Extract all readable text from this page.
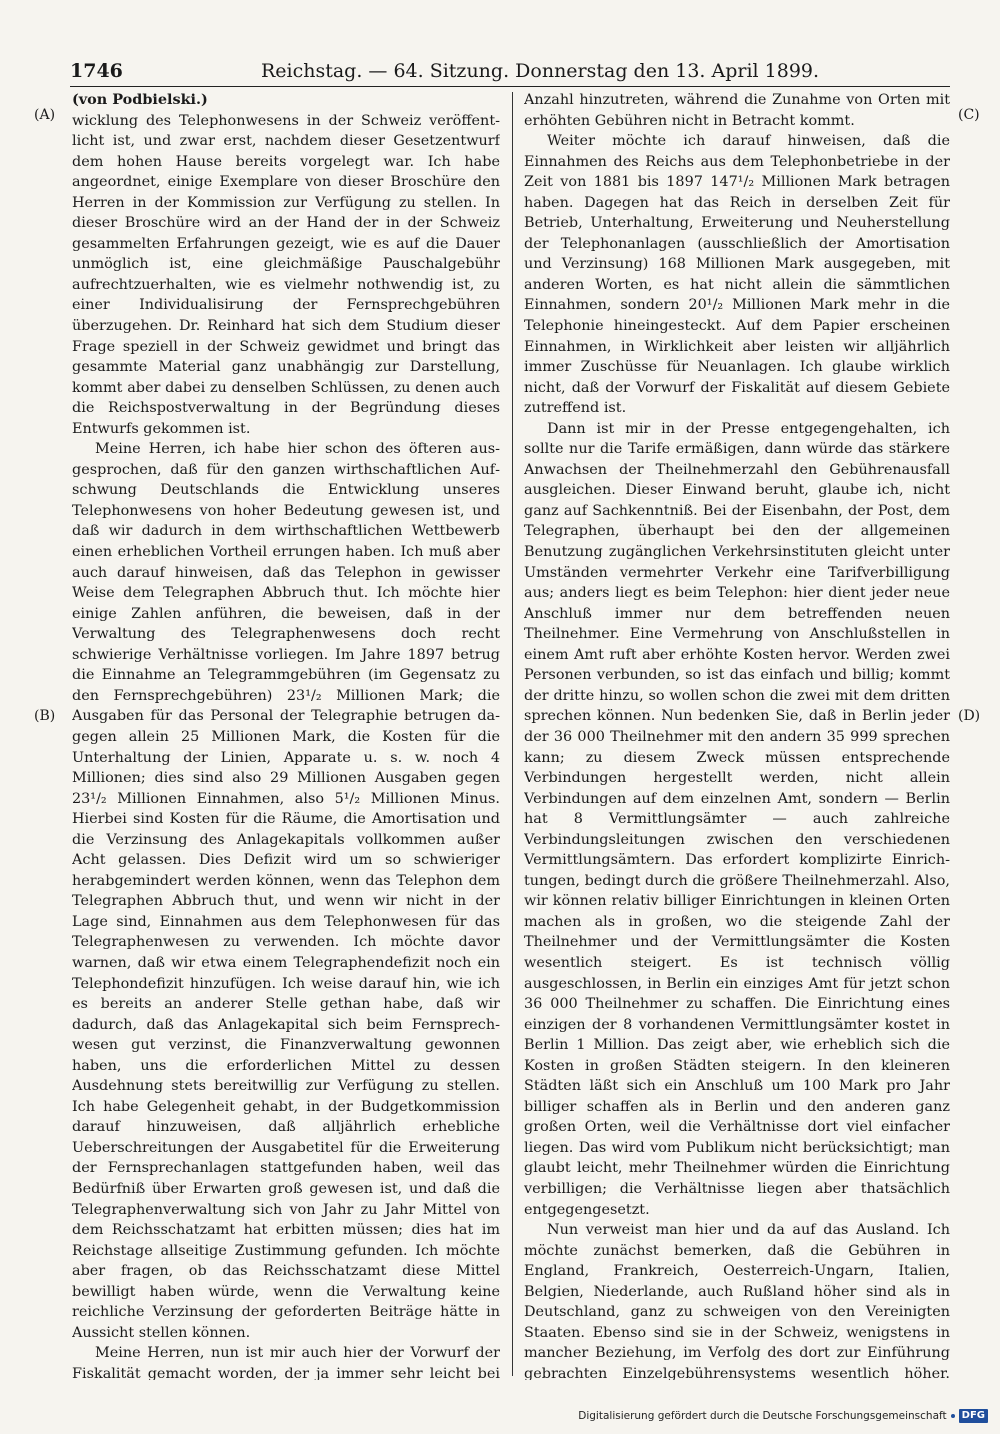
1746	Reichstag. — 64. Sitzung. Donnerstag den 13. April 1899.
(A)
(B)
(C)
(D)

(von Podbielski.)

wicklung des Telephonwesens in der Schweiz veröffentlicht ist, und zwar erst, nachdem dieser Gesetzentwurf dem hohen Hause bereits vorgelegt war. Ich habe angeordnet, einige Exemplare von dieser Broschüre den Herren in der Kommission zur Verfügung zu stellen. In dieser Broschüre wird an der Hand der in der Schweiz gesammelten Erfahrungen gezeigt, wie es auf die Dauer unmöglich ist, eine gleichmäßige Pauschalgebühr aufrechtzuerhalten, wie es vielmehr nothwendig ist, zu einer Individualisirung der Fernsprechgebühren überzugehen. Dr. Reinhard hat sich dem Studium dieser Frage speziell in der Schweiz gewidmet und bringt das gesammte Material ganz unabhängig zur Darstellung, kommt aber dabei zu denselben Schlüssen, zu denen auch die Reichspostverwaltung in der Begründung dieses Entwurfs gekommen ist.

Meine Herren, ich habe hier schon des öfteren ausgesprochen, daß für den ganzen wirthschaftlichen Aufschwung Deutschlands die Entwicklung unseres Telephonwesens von hoher Bedeutung gewesen ist, und daß wir dadurch in dem wirthschaftlichen Wettbewerb einen erheblichen Vortheil errungen haben. Ich muß aber auch darauf hinweisen, daß das Telephon in gewisser Weise dem Telegraphen Abbruch thut. Ich möchte hier einige Zahlen anführen, die beweisen, daß in der Verwaltung des Telegraphenwesens doch recht schwierige Verhältnisse vorliegen. Im Jahre 1897 betrug die Einnahme an Telegrammgebühren (im Gegensatz zu den Fernsprechgebühren) 23¹/₂ Millionen Mark; die Ausgaben für das Personal der Telegraphie betrugen dagegen allein 25 Millionen Mark, die Kosten für die Unterhaltung der Linien, Apparate u. s. w. noch 4 Millionen; dies sind also 29 Millionen Ausgaben gegen 23¹/₂ Millionen Einnahmen, also 5¹/₂ Millionen Minus. Hierbei sind Kosten für die Räume, die Amortisation und die Verzinsung des Anlagekapitals vollkommen außer Acht gelassen. Dies Defizit wird um so schwieriger herabgemindert werden können, wenn das Telephon dem Telegraphen Abbruch thut, und wenn wir nicht in der Lage sind, Einnahmen aus dem Telephonwesen für das Telegraphenwesen zu verwenden. Ich möchte davor warnen, daß wir etwa einem Telegraphendefizit noch ein Telephondefizit hinzufügen. Ich weise darauf hin, wie ich es bereits an anderer Stelle gethan habe, daß wir dadurch, daß das Anlagekapital sich beim Fernsprechwesen gut verzinst, die Finanzverwaltung gewonnen haben, uns die erforderlichen Mittel zu dessen Ausdehnung stets bereitwillig zur Verfügung zu stellen. Ich habe Gelegenheit gehabt, in der Budgetkommission darauf hinzuweisen, daß alljährlich erhebliche Ueberschreitungen der Ausgabetitel für die Erweiterung der Fernsprechanlagen stattgefunden haben, weil das Bedürfniß über Erwarten groß gewesen ist, und daß die Telegraphenverwaltung sich von Jahr zu Jahr Mittel von dem Reichsschatzamt hat erbitten müssen; dies hat im Reichstage allseitige Zustimmung gefunden. Ich möchte aber fragen, ob das Reichsschatzamt diese Mittel bewilligt haben würde, wenn die Verwaltung keine reichliche Verzinsung der geforderten Beiträge hätte in Aussicht stellen können.

Meine Herren, nun ist mir auch hier der Vorwurf der Fiskalität gemacht worden, der ja immer sehr leicht bei

Anzahl hinzutreten, während die Zunahme von Orten mit erhöhten Gebühren nicht in Betracht kommt.

Weiter möchte ich darauf hinweisen, daß die Einnahmen des Reichs aus dem Telephonbetriebe in der Zeit von 1881 bis 1897 147¹/₂ Millionen Mark betragen haben. Dagegen hat das Reich in derselben Zeit für Betrieb, Unterhaltung, Erweiterung und Neuherstellung der Telephonanlagen (ausschließlich der Amortisation und Verzinsung) 168 Millionen Mark ausgegeben, mit anderen Worten, es hat nicht allein die sämmtlichen Einnahmen, sondern 20¹/₂ Millionen Mark mehr in die Telephonie hineingesteckt. Auf dem Papier erscheinen Einnahmen, in Wirklichkeit aber leisten wir alljährlich immer Zuschüsse für Neuanlagen. Ich glaube wirklich nicht, daß der Vorwurf der Fiskalität auf diesem Gebiete zutreffend ist.

Dann ist mir in der Presse entgegengehalten, ich sollte nur die Tarife ermäßigen, dann würde das stärkere Anwachsen der Theilnehmerzahl den Gebührenausfall ausgleichen. Dieser Einwand beruht, glaube ich, nicht ganz auf Sachkenntniß. Bei der Eisenbahn, der Post, dem Telegraphen, überhaupt bei den der allgemeinen Benutzung zugänglichen Verkehrsinstituten gleicht unter Umständen vermehrter Verkehr eine Tarifverbilligung aus; anders liegt es beim Telephon: hier dient jeder neue Anschluß immer nur dem betreffenden neuen Theilnehmer. Eine Vermehrung von Anschlußstellen in einem Amt ruft aber erhöhte Kosten hervor. Werden zwei Personen verbunden, so ist das einfach und billig; kommt der dritte hinzu, so wollen schon die zwei mit dem dritten sprechen können. Nun bedenken Sie, daß in Berlin jeder der 36 000 Theilnehmer mit den andern 35 999 sprechen kann; zu diesem Zweck müssen entsprechende Verbindungen hergestellt werden, nicht allein Verbindungen auf dem einzelnen Amt, sondern — Berlin hat 8 Vermittlungsämter — auch zahlreiche Verbindungsleitungen zwischen den verschiedenen Vermittlungsämtern. Das erfordert komplizirte Einrichtungen, bedingt durch die größere Theilnehmerzahl. Also, wir können relativ billiger Einrichtungen in kleinen Orten machen als in großen, wo die steigende Zahl der Theilnehmer und der Vermittlungsämter die Kosten wesentlich steigert. Es ist technisch völlig ausgeschlossen, in Berlin ein einziges Amt für jetzt schon 36 000 Theilnehmer zu schaffen. Die Einrichtung eines einzigen der 8 vorhandenen Vermittlungsämter kostet in Berlin 1 Million. Das zeigt aber, wie erheblich sich die Kosten in großen Städten steigern. In den kleineren Städten läßt sich ein Anschluß um 100 Mark pro Jahr billiger schaffen als in Berlin und den anderen ganz großen Orten, weil die Verhältnisse dort viel einfacher liegen. Das wird vom Publikum nicht berücksichtigt; man glaubt leicht, mehr Theilnehmer würden die Einrichtung verbilligen; die Verhältnisse liegen aber thatsächlich entgegengesetzt.

Nun verweist man hier und da auf das Ausland. Ich möchte zunächst bemerken, daß die Gebühren in England, Frankreich, Oesterreich-Ungarn, Italien, Belgien, Niederlande, auch Rußland höher sind als in Deutschland, ganz zu schweigen von den Vereinigten Staaten. Ebenso sind sie in der Schweiz, wenigstens in mancher Beziehung, im Verfolg des dort zur Einführung gebrachten Einzelgebührensystems wesentlich höher.

Digitalisierung gefördert durch die Deutsche Forschungsgemeinschaft	DFG
